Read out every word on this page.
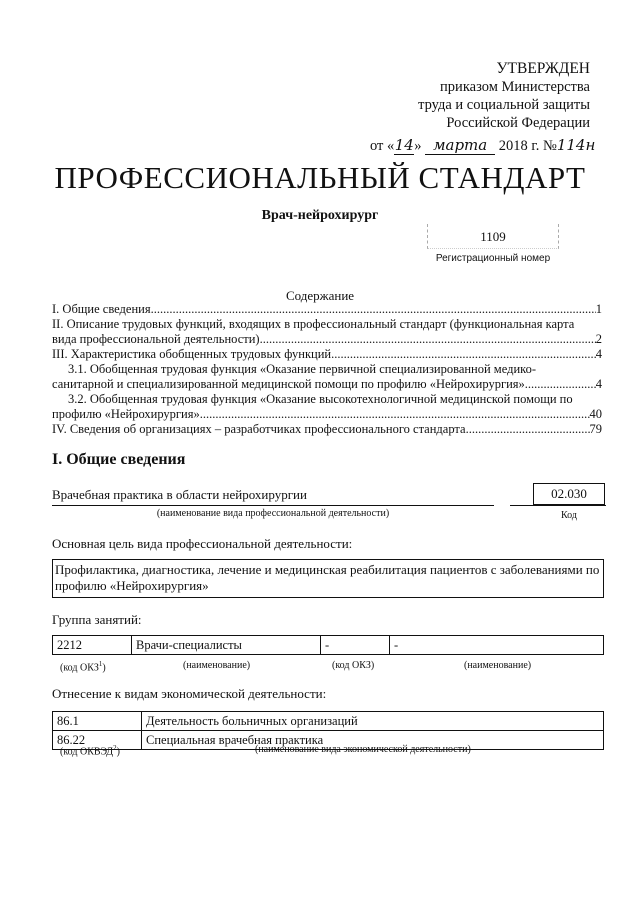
УТВЕРЖДЕН
приказом Министерства
труда и социальной защиты
Российской Федерации
от «14» марта 2018 г. №114н
ПРОФЕССИОНАЛЬНЫЙ СТАНДАРТ
Врач-нейрохирург
1109
Регистрационный номер
Содержание
I. Общие сведения .....	1
II. Описание трудовых функций, входящих в профессиональный стандарт (функциональная карта
вида профессиональной деятельности) .....	2
III. Характеристика обобщенных трудовых функций .....	4
3.1. Обобщенная трудовая функция «Оказание первичной специализированной медико-
санитарной и специализированной медицинской помощи по профилю «Нейрохирургия» .....	4
3.2. Обобщенная трудовая функция «Оказание высокотехнологичной медицинской помощи по
профилю «Нейрохирургия» .....	40
IV. Сведения об организациях – разработчиках профессионального стандарта .....	79
I. Общие сведения
Врачебная практика в области нейрохирургии	02.030
(наименование вида профессиональной деятельности)	Код
Основная цель вида профессиональной деятельности:
Профилактика, диагностика, лечение и медицинская реабилитация пациентов с заболеваниями по профилю «Нейрохирургия»
Группа занятий:
2212	Врачи-специалисты	-	-
(код ОКЗ$^1$)	(наименование)	(код ОКЗ)	(наименование)
Отнесение к видам экономической деятельности:
86.1	Деятельность больничных организаций
86.22	Специальная врачебная практика
(код ОКВЭД$^2$)	(наименование вида экономической деятельности)
